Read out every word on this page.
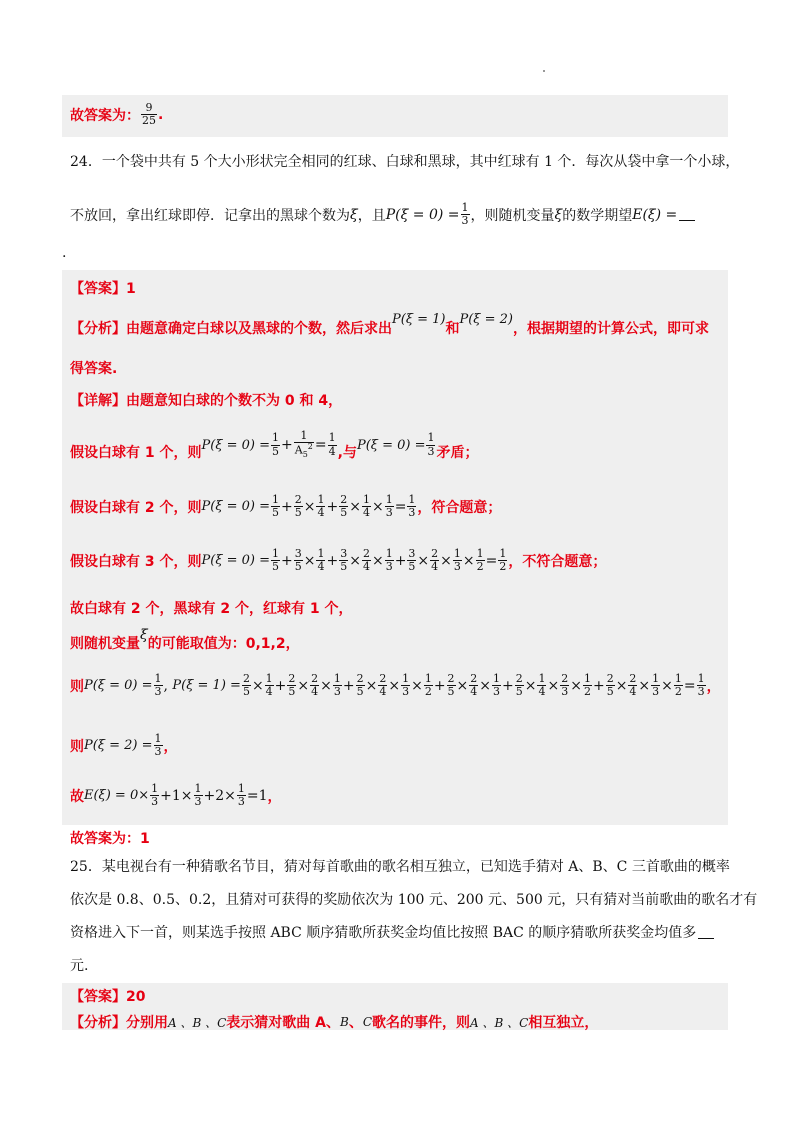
故答案为： $\frac{9}{25}$ .
24．一个袋中共有 5 个大小形状完全相同的红球、白球和黑球，其中红球有 1 个．每次从袋中拿一个小球，
不放回，拿出红球即停．记拿出的黑球个数为 ξ ，且 $P(\xi = 0) = \frac{1}{3}$ ，则随机变量 ξ 的数学期望 E(ξ) =
.
【答案】1
【分析】由题意确定白球以及黑球的个数，然后求出
P(ξ = 1)
和
P(ξ = 2)
，根据期望的计算公式，即可求
得答案.
【详解】由题意知白球的个数不为 0 和 4，
假设白球有 1 个，则 $P(\xi = 0) = \frac{1}{5} + \frac{1}{A_5^2} = \frac{1}{4}$ ,与 $P(\xi = 0) = \frac{1}{3}$ 矛盾；
假设白球有 2 个，则 $P(\xi = 0) = \frac{1}{5} + \frac{2}{5} \times \frac{1}{4} + \frac{2}{5} \times \frac{1}{4} \times \frac{1}{3} = \frac{1}{3}$ ，符合题意；
假设白球有 3 个，则 $P(\xi = 0) = \frac{1}{5} + \frac{3}{5} \times \frac{1}{4} + \frac{3}{5} \times \frac{2}{4} \times \frac{1}{3} + \frac{3}{5} \times \frac{2}{4} \times \frac{1}{3} \times \frac{1}{2} = \frac{1}{2}$ ，不符合题意；
故白球有 2 个，黑球有 2 个，红球有 1 个，
则随机变量
ξ
的可能取值为：0,1,2，
则 $P(\xi = 0) = \frac{1}{3}$ , $P(\xi = 1) = \frac{2}{5} \times \frac{1}{4} + \frac{2}{5} \times \frac{2}{4} \times \frac{1}{3} + \frac{2}{5} \times \frac{2}{4} \times \frac{1}{3} \times \frac{1}{2} + \frac{2}{5} \times \frac{2}{4} \times \frac{1}{3} + \frac{2}{5} \times \frac{1}{4} \times \frac{2}{3} \times \frac{1}{2} + \frac{2}{5} \times \frac{2}{4} \times \frac{1}{3} \times \frac{1}{2} = \frac{1}{3}$ ，
则 $P(\xi = 2) = \frac{1}{3}$ ，
故 $E(\xi) = 0\times \frac{1}{3} +1\times \frac{1}{3} +2\times \frac{1}{3} =1$ ，
故答案为：1
25．某电视台有一种猜歌名节目，猜对每首歌曲的歌名相互独立，已知选手猜对 A、B、C 三首歌曲的概率
依次是 0.8、0.5、0.2，且猜对可获得的奖励依次为 100 元、200 元、500 元，只有猜对当前歌曲的歌名才有
资格进入下一首，则某选手按照 ABC 顺序猜歌所获奖金均值比按照 BAC 的顺序猜歌所获奖金均值多
元.
【答案】20
【分析】分别用 A 、B 、C 表示猜对歌曲 A、 B 、 C 歌名的事件，则 A 、B 、C 相互独立，
